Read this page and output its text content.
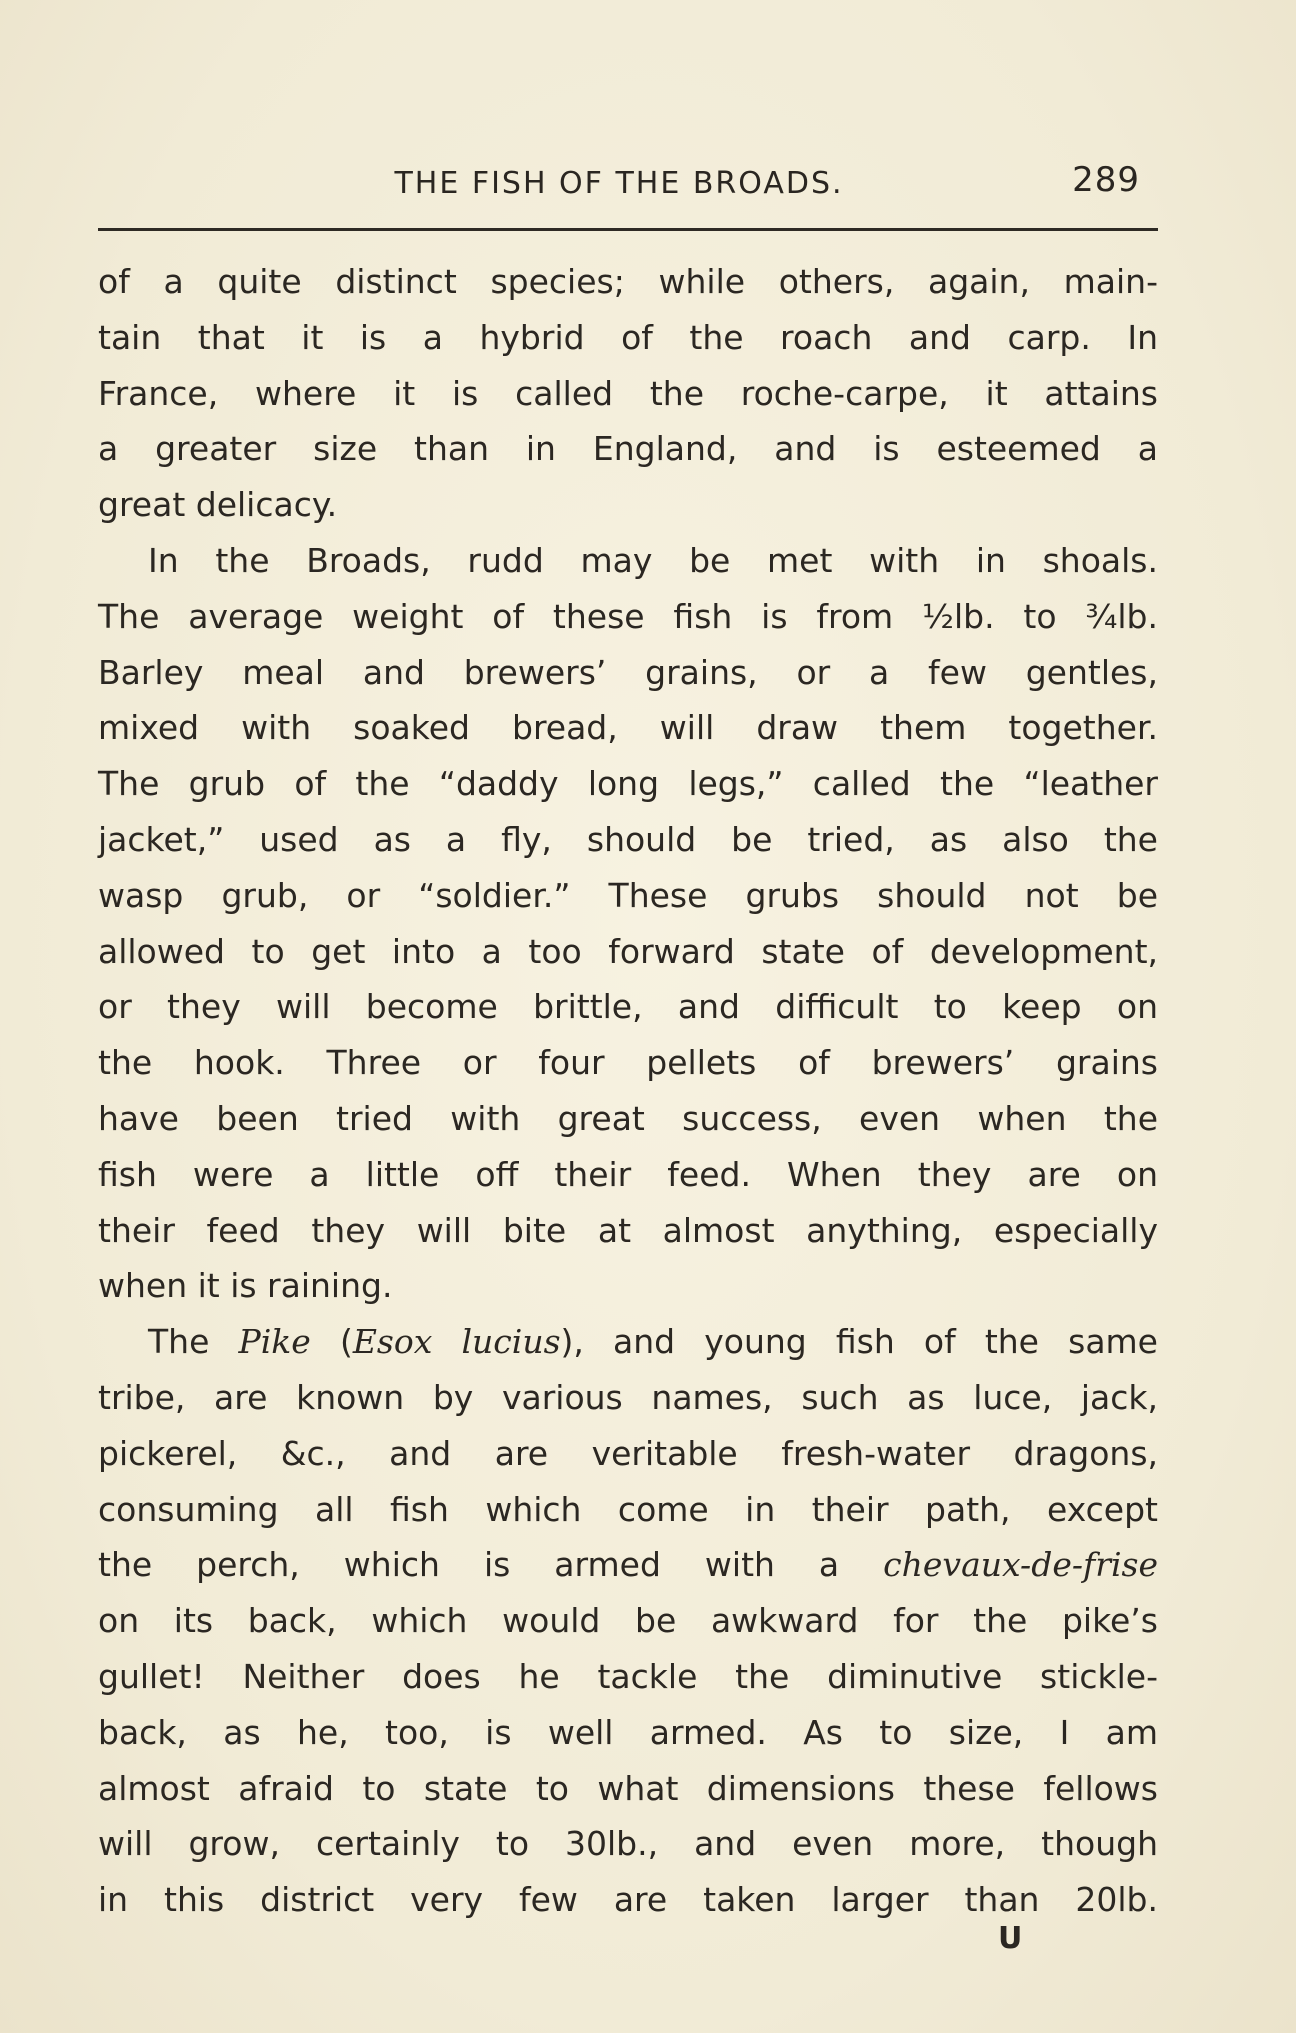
THE FISH OF THE BROADS.	289
of a quite distinct species; while others, again, main-
tain that it is a hybrid of the roach and carp. In
France, where it is called the roche-carpe, it attains
a greater size than in England, and is esteemed a
great delicacy.
In the Broads, rudd may be met with in shoals.
The average weight of these fish is from ½lb. to ¾lb.
Barley meal and brewers’ grains, or a few gentles,
mixed with soaked bread, will draw them together.
The grub of the “daddy long legs,” called the “leather
jacket,” used as a fly, should be tried, as also the
wasp grub, or “soldier.” These grubs should not be
allowed to get into a too forward state of development,
or they will become brittle, and difficult to keep on
the hook. Three or four pellets of brewers’ grains
have been tried with great success, even when the
fish were a little off their feed. When they are on
their feed they will bite at almost anything, especially
when it is raining.
The Pike (Esox lucius), and young fish of the same
tribe, are known by various names, such as luce, jack,
pickerel, &c., and are veritable fresh-water dragons,
consuming all fish which come in their path, except
the perch, which is armed with a chevaux-de-frise
on its back, which would be awkward for the pike’s
gullet! Neither does he tackle the diminutive stickle-
back, as he, too, is well armed. As to size, I am
almost afraid to state to what dimensions these fellows
will grow, certainly to 30lb., and even more, though
in this district very few are taken larger than 20lb.
U
